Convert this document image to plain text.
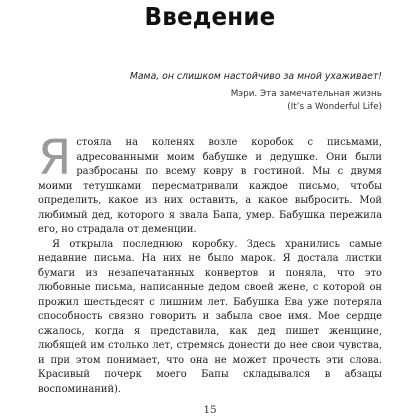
Введение

Мама, он слишком настойчиво за мной ухаживает!

Мэри. Эта замечательная жизнь
(It’s a Wonderful Life)

Ястояла на коленях возле коробок с письмами, адресованными моим бабушке и дедушке. Они были разбросаны по всему ковру в гостиной. Мы с двумя моими тетушками пересматривали каждое письмо, чтобы определить, какое из них оставить, а какое выбросить. Мой любимый дед, которого я звала Бапа, умер. Бабушка пережила его, но страдала от деменции.

Я открыла последнюю коробку. Здесь хранились самые недавние письма. На них не было марок. Я достала листки бумаги из незапечатанных конвертов и поняла, что это любовные письма, написанные дедом своей жене, с которой он прожил шестьдесят с лишним лет. Бабушка Ева уже потеряла способность связно говорить и забыла свое имя. Мое сердце сжалось, когда я представила, как дед пишет женщине, любящей им столько лет, стремясь донести до нее свои чувства, и при этом понимает, что она не может прочесть эти слова. Красивый почерк моего Бапы складывался в абзацы воспоминаний).

15
